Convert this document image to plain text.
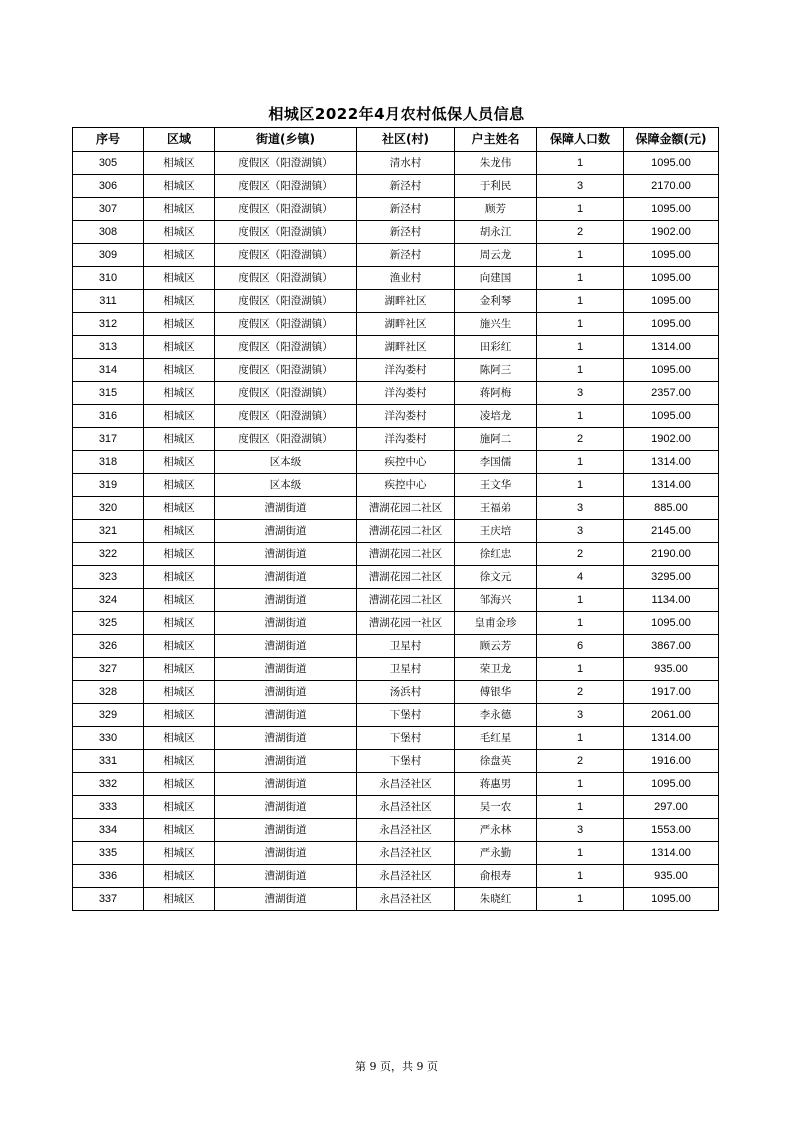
相城区2022年4月农村低保人员信息
序号	区域	街道(乡镇)	社区(村)	户主姓名	保障人口数	保障金额(元)
305	相城区	度假区（阳澄湖镇）	清水村	朱龙伟	1	1095.00
306	相城区	度假区（阳澄湖镇）	新泾村	于利民	3	2170.00
307	相城区	度假区（阳澄湖镇）	新泾村	顾芳	1	1095.00
308	相城区	度假区（阳澄湖镇）	新泾村	胡永江	2	1902.00
309	相城区	度假区（阳澄湖镇）	新泾村	周云龙	1	1095.00
310	相城区	度假区（阳澄湖镇）	渔业村	向建国	1	1095.00
311	相城区	度假区（阳澄湖镇）	湖畔社区	金利琴	1	1095.00
312	相城区	度假区（阳澄湖镇）	湖畔社区	施兴生	1	1095.00
313	相城区	度假区（阳澄湖镇）	湖畔社区	田彩红	1	1314.00
314	相城区	度假区（阳澄湖镇）	洋沟娄村	陈阿三	1	1095.00
315	相城区	度假区（阳澄湖镇）	洋沟娄村	蒋阿梅	3	2357.00
316	相城区	度假区（阳澄湖镇）	洋沟娄村	凌培龙	1	1095.00
317	相城区	度假区（阳澄湖镇）	洋沟娄村	施阿二	2	1902.00
318	相城区	区本级	疾控中心	李国儒	1	1314.00
319	相城区	区本级	疾控中心	王文华	1	1314.00
320	相城区	漕湖街道	漕湖花园二社区	王福弟	3	885.00
321	相城区	漕湖街道	漕湖花园二社区	王庆培	3	2145.00
322	相城区	漕湖街道	漕湖花园二社区	徐红忠	2	2190.00
323	相城区	漕湖街道	漕湖花园二社区	徐文元	4	3295.00
324	相城区	漕湖街道	漕湖花园二社区	邹海兴	1	1134.00
325	相城区	漕湖街道	漕湖花园一社区	皇甫金珍	1	1095.00
326	相城区	漕湖街道	卫星村	顾云芳	6	3867.00
327	相城区	漕湖街道	卫星村	荣卫龙	1	935.00
328	相城区	漕湖街道	汤浜村	傅银华	2	1917.00
329	相城区	漕湖街道	下堡村	李永德	3	2061.00
330	相城区	漕湖街道	下堡村	毛红星	1	1314.00
331	相城区	漕湖街道	下堡村	徐盘英	2	1916.00
332	相城区	漕湖街道	永昌泾社区	蒋惠男	1	1095.00
333	相城区	漕湖街道	永昌泾社区	吴一农	1	297.00
334	相城区	漕湖街道	永昌泾社区	严永林	3	1553.00
335	相城区	漕湖街道	永昌泾社区	严永勤	1	1314.00
336	相城区	漕湖街道	永昌泾社区	俞根寿	1	935.00
337	相城区	漕湖街道	永昌泾社区	朱晓红	1	1095.00
第 9 页，共 9 页
